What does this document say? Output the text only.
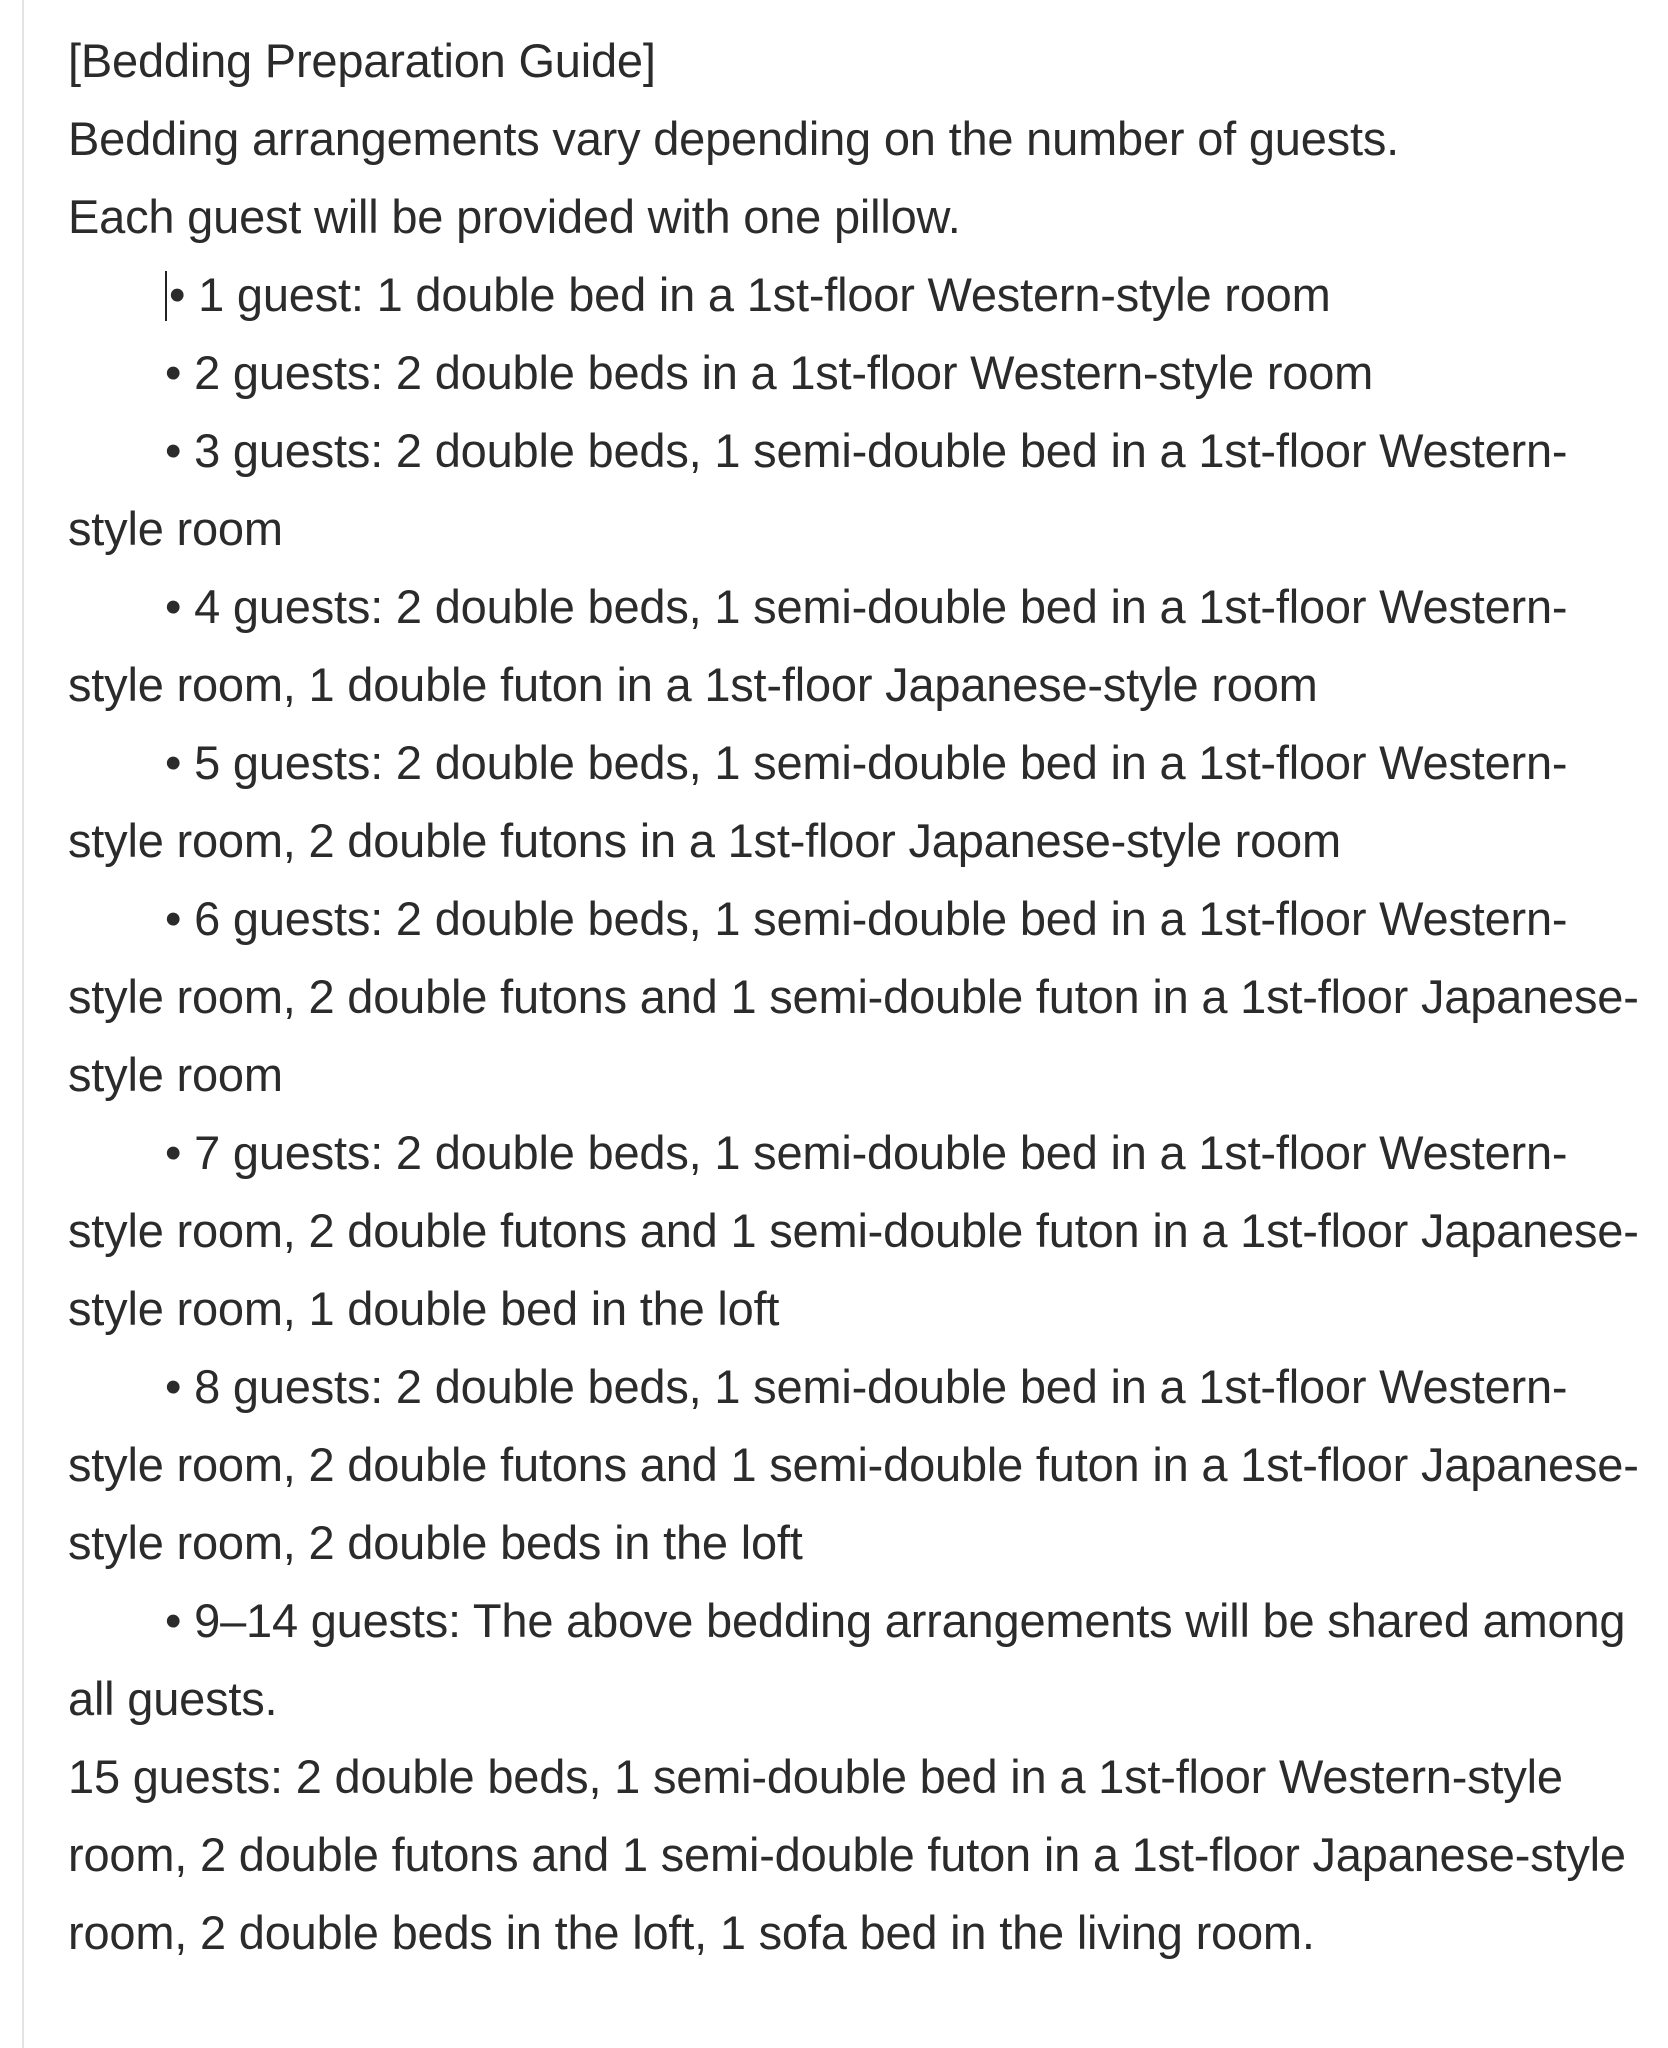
[Bedding Preparation Guide]

Bedding arrangements vary depending on the number of guests.

Each guest will be provided with one pillow.

• 1 guest: 1 double bed in a 1st-floor Western-style room

• 2 guests: 2 double beds in a 1st-floor Western-style room

• 3 guests: 2 double beds, 1 semi-double bed in a 1st-floor Western-style room

• 4 guests: 2 double beds, 1 semi-double bed in a 1st-floor Western-style room, 1 double futon in a 1st-floor Japanese-style room

• 5 guests: 2 double beds, 1 semi-double bed in a 1st-floor Western-style room, 2 double futons in a 1st-floor Japanese-style room

• 6 guests: 2 double beds, 1 semi-double bed in a 1st-floor Western-style room, 2 double futons and 1 semi-double futon in a 1st-floor Japanese-style room

• 7 guests: 2 double beds, 1 semi-double bed in a 1st-floor Western-style room, 2 double futons and 1 semi-double futon in a 1st-floor Japanese-style room, 1 double bed in the loft

• 8 guests: 2 double beds, 1 semi-double bed in a 1st-floor Western-style room, 2 double futons and 1 semi-double futon in a 1st-floor Japanese-style room, 2 double beds in the loft

• 9–14 guests: The above bedding arrangements will be shared among all guests.

15 guests: 2 double beds, 1 semi-double bed in a 1st-floor Western-style room, 2 double futons and 1 semi-double futon in a 1st-floor Japanese-style room, 2 double beds in the loft, 1 sofa bed in the living room.
